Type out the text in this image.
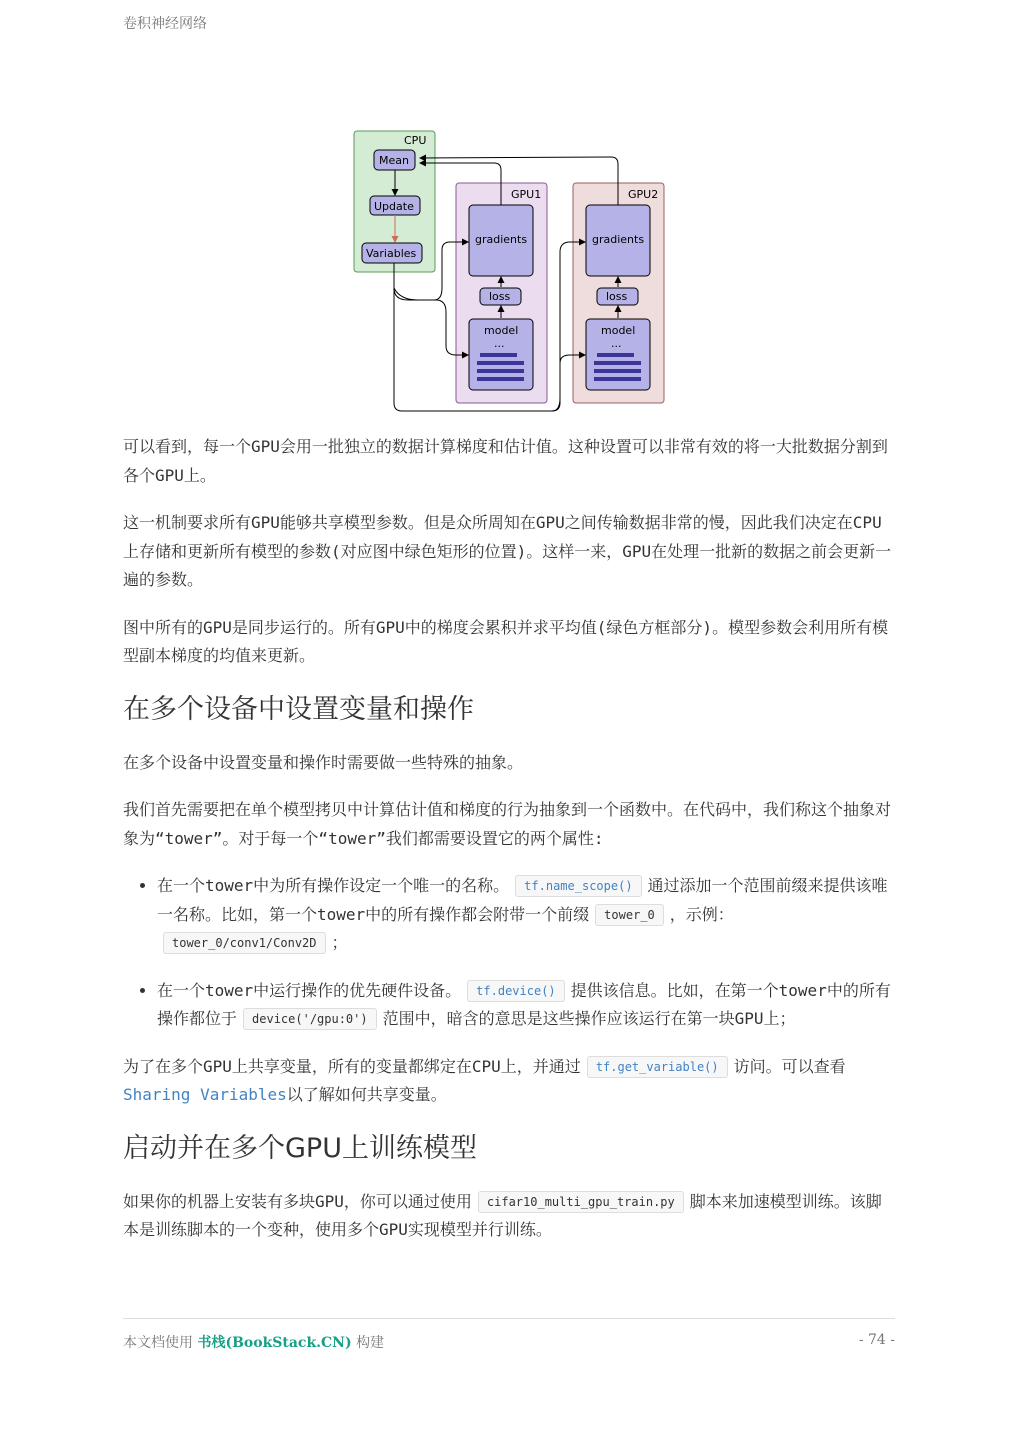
卷积神经网络
CPU
GPU1	GPU2
Mean
Update
Variables
gradients
loss
model
...
gradients
loss
model
...

可以看到，每一个GPU会用一批独立的数据计算梯度和估计值。这种设置可以非常有效的将一大批数据分割到各个GPU上。

这一机制要求所有GPU能够共享模型参数。但是众所周知在GPU之间传输数据非常的慢，因此我们决定在CPU上存储和更新所有模型的参数(对应图中绿色矩形的位置)。这样一来，GPU在处理一批新的数据之前会更新一遍的参数。

图中所有的GPU是同步运行的。所有GPU中的梯度会累积并求平均值(绿色方框部分)。模型参数会利用所有模型副本梯度的均值来更新。

在多个设备中设置变量和操作

在多个设备中设置变量和操作时需要做一些特殊的抽象。

我们首先需要把在单个模型拷贝中计算估计值和梯度的行为抽象到一个函数中。在代码中，我们称这个抽象对象为“tower”。对于每一个“tower”我们都需要设置它的两个属性:

• 在一个tower中为所有操作设定一个唯一的名称。 tf.name_scope() 通过添加一个范围前缀来提供该唯一名称。比如，第一个tower中的所有操作都会附带一个前缀 tower_0 ，示例：tower_0/conv1/Conv2D ；
• 在一个tower中运行操作的优先硬件设备。 tf.device() 提供该信息。比如，在第一个tower中的所有操作都位于 device('/gpu:0') 范围中，暗含的意思是这些操作应该运行在第一块GPU上；

为了在多个GPU上共享变量，所有的变量都绑定在CPU上，并通过 tf.get_variable() 访问。可以查看Sharing Variables以了解如何共享变量。

启动并在多个GPU上训练模型

如果你的机器上安装有多块GPU，你可以通过使用 cifar10_multi_gpu_train.py 脚本来加速模型训练。该脚本是训练脚本的一个变种，使用多个GPU实现模型并行训练。

本文档使用 书栈(BookStack.CN) 构建	- 74 -
